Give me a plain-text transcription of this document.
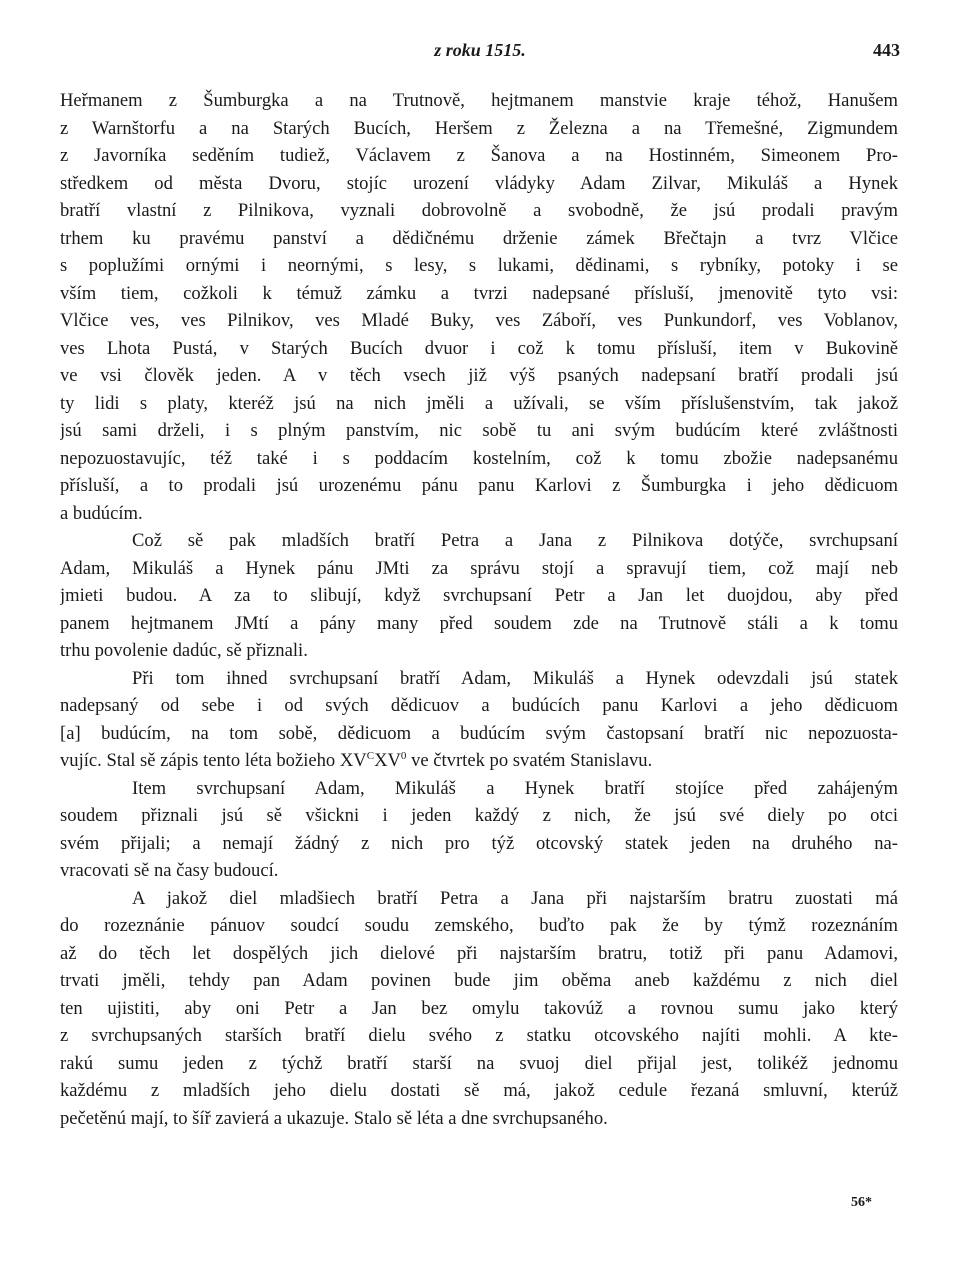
z roku 1515.	443
Heřmanem z Šumburgka a na Trutnově, hejtmanem manstvie kraje téhož, Hanušem
z Warnštorfu a na Starých Bucích, Heršem z Železna a na Třemešné, Zigmundem
z Javorníka seděním tudiež, Václavem z Šanova a na Hostinném, Simeonem Pro-
středkem od města Dvoru, stojíc urození vládyky Adam Zilvar, Mikuláš a Hynek
bratří vlastní z Pilnikova, vyznali dobrovolně a svobodně, že jsú prodali pravým
trhem ku pravému panství a dědičnému drženie zámek Břečtajn a tvrz Vlčice
s poplužími ornými i neornými, s lesy, s lukami, dědinami, s rybníky, potoky i se
vším tiem, cožkoli k témuž zámku a tvrzi nadepsané přísluší, jmenovitě tyto vsi:
Vlčice ves, ves Pilnikov, ves Mladé Buky, ves Záboří, ves Punkundorf, ves Voblanov,
ves Lhota Pustá, v Starých Bucích dvuor i což k tomu přísluší, item v Bukovině
ve vsi člověk jeden. A v těch vsech již výš psaných nadepsaní bratří prodali jsú
ty lidi s platy, kteréž jsú na nich jměli a užívali, se vším příslušenstvím, tak jakož
jsú sami drželi, i s plným panstvím, nic sobě tu ani svým budúcím které zvláštnosti
nepozuostavujíc, též také i s poddacím kostelním, což k tomu zbožie nadepsanému
přísluší, a to prodali jsú urozenému pánu panu Karlovi z Šumburgka i jeho dědicuom
a budúcím.
Což sě pak mladších bratří Petra a Jana z Pilnikova dotýče, svrchupsaní
Adam, Mikuláš a Hynek pánu JMti za správu stojí a spravují tiem, což mají neb
jmieti budou. A za to slibují, když svrchupsaní Petr a Jan let duojdou, aby před
panem hejtmanem JMtí a pány many před soudem zde na Trutnově stáli a k tomu
trhu povolenie dadúc, sě přiznali.
Při tom ihned svrchupsaní bratří Adam, Mikuláš a Hynek odevzdali jsú statek
nadepsaný od sebe i od svých dědicuov a budúcích panu Karlovi a jeho dědicuom
[a] budúcím, na tom sobě, dědicuom a budúcím svým častopsaní bratří nic nepozuosta-
vujíc. Stal sě zápis tento léta božieho $XV^CXV^0$ ve čtvrtek po svatém Stanislavu.
Item svrchupsaní Adam, Mikuláš a Hynek bratří stojíce před zahájeným
soudem přiznali jsú sě všickni i jeden každý z nich, že jsú své diely po otci
svém přijali; a nemají žádný z nich pro týž otcovský statek jeden na druhého na-
vracovati sě na časy budoucí.
A jakož diel mladšiech bratří Petra a Jana při najstarším bratru zuostati má
do rozeznánie pánuov soudcí soudu zemského, buďto pak že by týmž rozeznáním
až do těch let dospělých jich dielové při najstarším bratru, totiž při panu Adamovi,
trvati jměli, tehdy pan Adam povinen bude jim oběma aneb každému z nich diel
ten ujistiti, aby oni Petr a Jan bez omylu takovúž a rovnou sumu jako který
z svrchupsaných starších bratří dielu svého z statku otcovského najíti mohli. A kte-
rakú sumu jeden z týchž bratří starší na svuoj diel přijal jest, tolikéž jednomu
každému z mladších jeho dielu dostati sě má, jakož cedule řezaná smluvní, kterúž
pečetěnú mají, to šíř zavierá a ukazuje. Stalo sě léta a dne svrchupsaného.
56*
